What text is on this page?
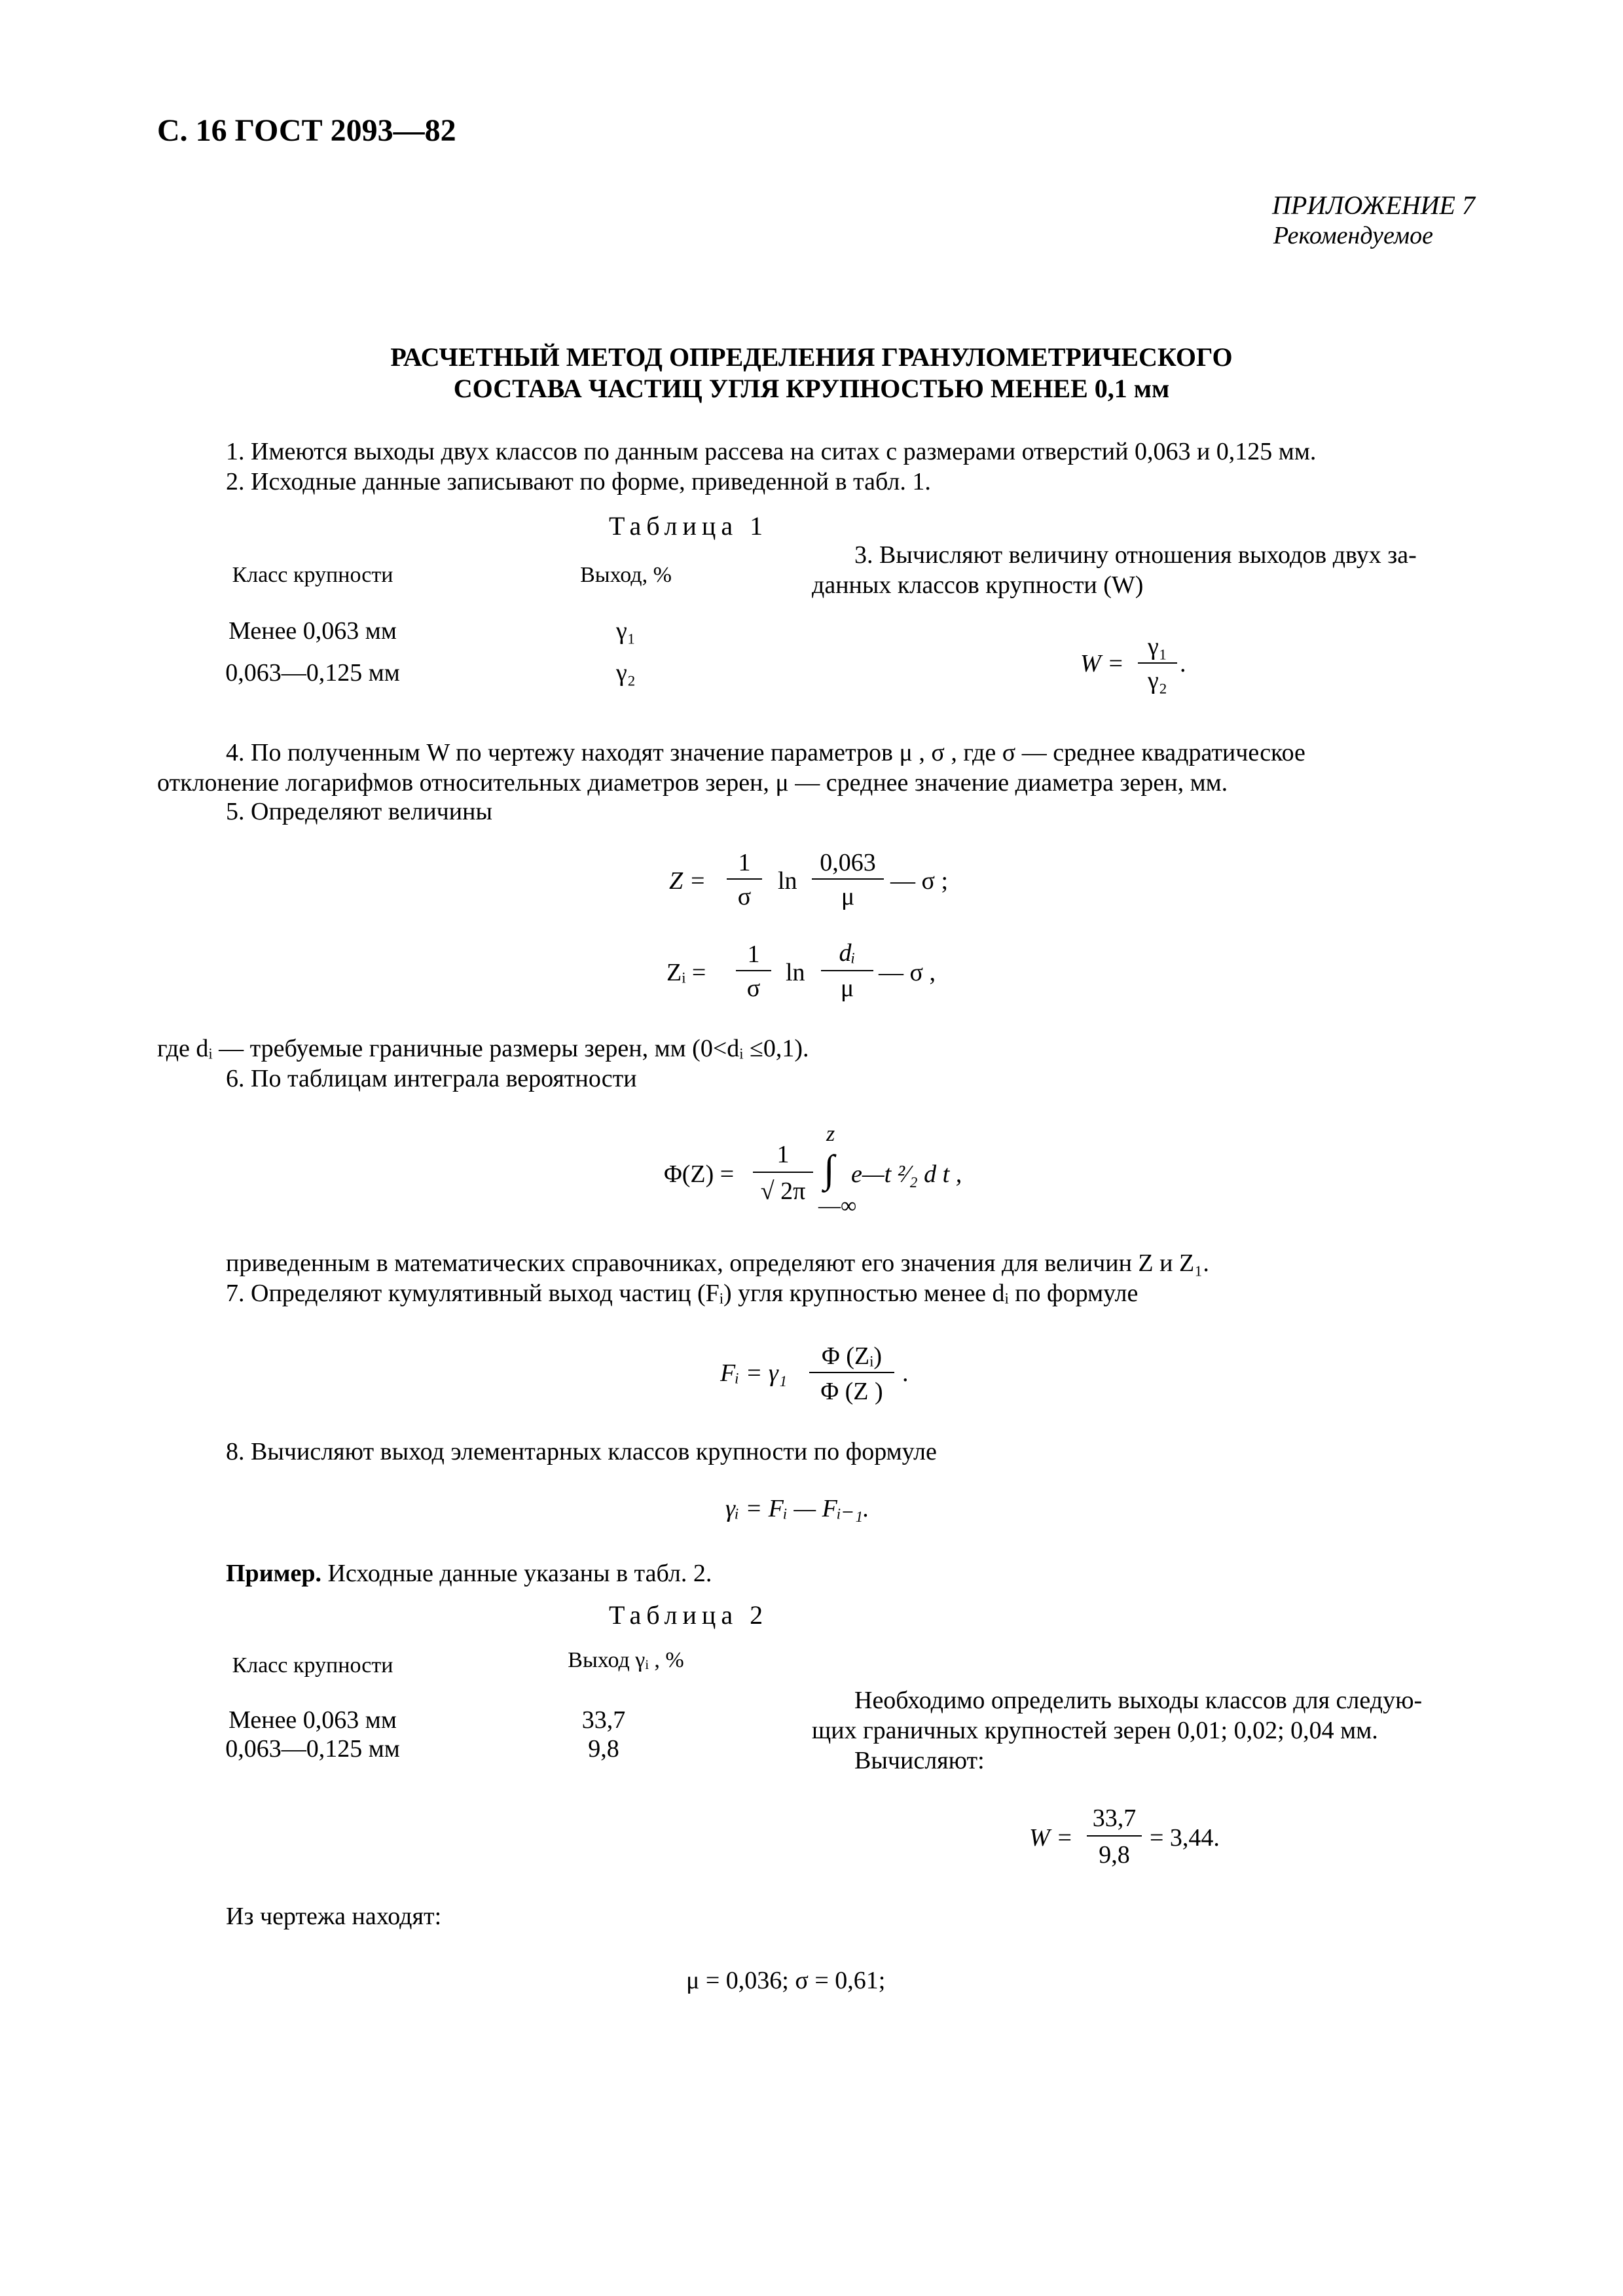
С. 16 ГОСТ 2093—82
ПРИЛОЖЕНИЕ 7
Рекомендуемое
РАСЧЕТНЫЙ МЕТОД ОПРЕДЕЛЕНИЯ ГРАНУЛОМЕТРИЧЕСКОГО
СОСТАВА ЧАСТИЦ УГЛЯ КРУПНОСТЬЮ МЕНЕЕ 0,1 мм
1. Имеются выходы двух классов по данным рассева на ситах с размерами отверстий 0,063 и 0,125 мм.
2. Исходные данные записывают по форме, приведенной в табл. 1.
Таблица 1
Класс крупности	Выход, %
Менее 0,063 мм	γ₁
0,063—0,125 мм	γ₂
3. Вычисляют величину отношения выходов двух за-
данных классов крупности (W)
W =
γ₁
γ₂
.
4. По полученным W по чертежу находят значение параметров μ , σ , где σ — среднее квадратическое
отклонение логарифмов относительных диаметров зерен, μ — среднее значение диаметра зерен, мм.
5. Определяют величины
Z =
1
σ
ln
0,063
μ
— σ ;
Zᵢ =
1
σ
ln
dᵢ
μ
— σ ,
где dᵢ — требуемые граничные размеры зерен, мм (0<dᵢ ≤0,1).
6. По таблицам интеграла вероятности
Φ(Z) =
1
√ 2π
z
∫
—∞
e—t ²⁄₂ d t ,
приведенным в математических справочниках, определяют его значения для величин Z и Z₁.
7. Определяют кумулятивный выход частиц (Fᵢ) угля крупностью менее dᵢ по формуле
Fᵢ = γ₁
Φ (Zᵢ)
Φ (Z )
.
8. Вычисляют выход элементарных классов крупности по формуле
γᵢ = Fᵢ — Fᵢ₋₁.
Пример. Исходные данные указаны в табл. 2.
Таблица 2
Класс крупности	Выход γᵢ , %
Менее 0,063 мм	33,7
0,063—0,125 мм	9,8
Необходимо определить выходы классов для следую-
щих граничных крупностей зерен 0,01; 0,02; 0,04 мм.
Вычисляют:
W =
33,7
9,8
= 3,44.
Из чертежа находят:
μ = 0,036; σ = 0,61;
